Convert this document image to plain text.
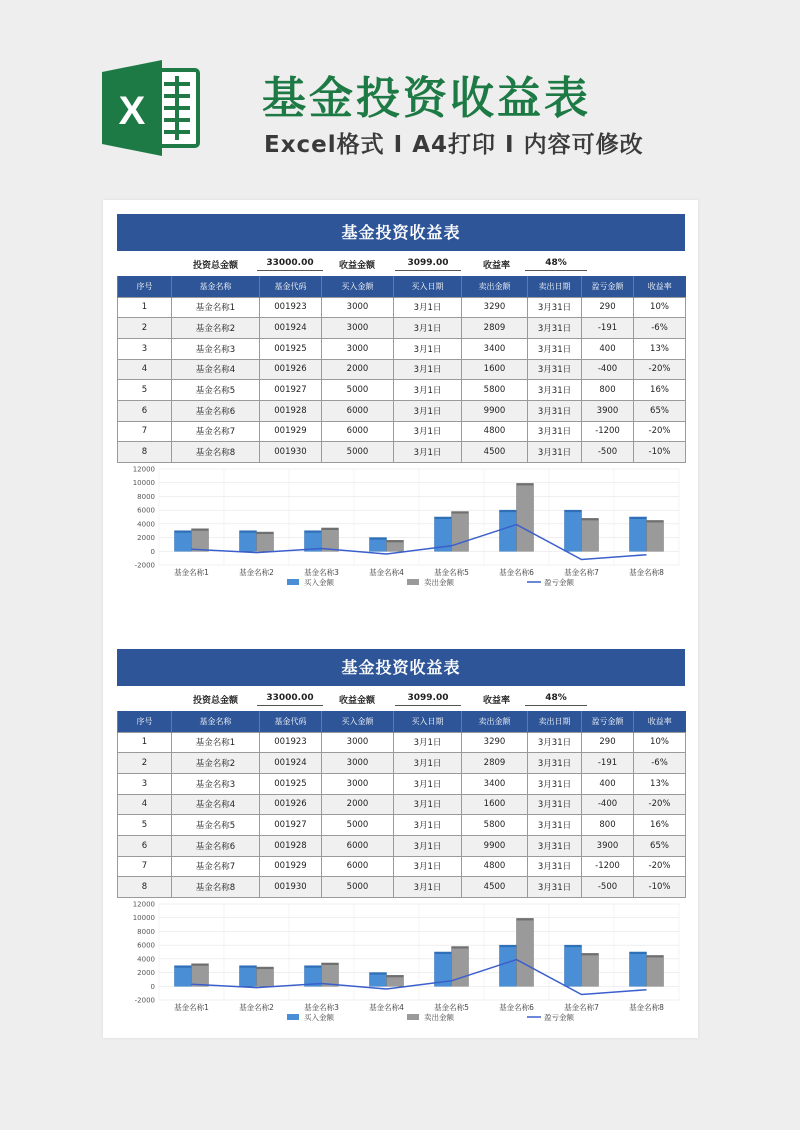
X	基金投资收益表
Excel格式 I A4打印 I 内容可修改
基金投资收益表
投资总金额	33000.00	收益金额	3099.00	收益率	48%
序号	基金名称	基金代码	买入金额	买入日期	卖出金额	卖出日期	盈亏金额	收益率
1	基金名称1	001923	3000	3月1日	3290	3月31日	290	10%
2	基金名称2	001924	3000	3月1日	2809	3月31日	-191	-6%
3	基金名称3	001925	3000	3月1日	3400	3月31日	400	13%
4	基金名称4	001926	2000	3月1日	1600	3月31日	-400	-20%
5	基金名称5	001927	5000	3月1日	5800	3月31日	800	16%
6	基金名称6	001928	6000	3月1日	9900	3月31日	3900	65%
7	基金名称7	001929	6000	3月1日	4800	3月31日	-1200	-20%
8	基金名称8	001930	5000	3月1日	4500	3月31日	-500	-10%
12000
10000
8000
6000
4000
2000
0
-2000
基金名称1	基金名称2	基金名称3	基金名称4	基金名称5	基金名称6	基金名称7	基金名称8
买入金额	卖出金额	盈亏金额
基金投资收益表
投资总金额	33000.00	收益金额	3099.00	收益率	48%
序号	基金名称	基金代码	买入金额	买入日期	卖出金额	卖出日期	盈亏金额	收益率
1	基金名称1	001923	3000	3月1日	3290	3月31日	290	10%
2	基金名称2	001924	3000	3月1日	2809	3月31日	-191	-6%
3	基金名称3	001925	3000	3月1日	3400	3月31日	400	13%
4	基金名称4	001926	2000	3月1日	1600	3月31日	-400	-20%
5	基金名称5	001927	5000	3月1日	5800	3月31日	800	16%
6	基金名称6	001928	6000	3月1日	9900	3月31日	3900	65%
7	基金名称7	001929	6000	3月1日	4800	3月31日	-1200	-20%
8	基金名称8	001930	5000	3月1日	4500	3月31日	-500	-10%
12000
10000
8000
6000
4000
2000
0
-2000
基金名称1	基金名称2	基金名称3	基金名称4	基金名称5	基金名称6	基金名称7	基金名称8
买入金额	卖出金额	盈亏金额
